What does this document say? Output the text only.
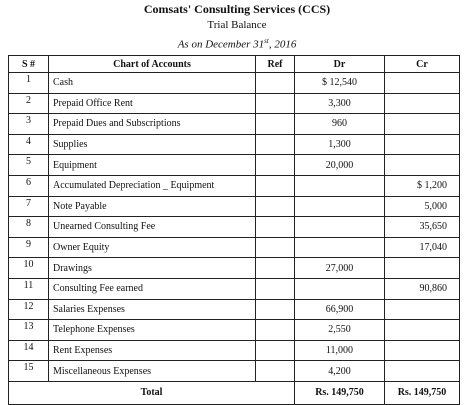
Comsats' Consulting Services (CCS)
Trial Balance
As on December 31st, 2016
S #	Chart of Accounts	Ref	Dr	Cr
1	Cash		$ 12,540	
2	Prepaid Office Rent		3,300	
3	Prepaid Dues and Subscriptions		960	
4	Supplies		1,300	
5	Equipment		20,000	
6	Accumulated Depreciation _ Equipment			$ 1,200
7	Note Payable			5,000
8	Unearned Consulting Fee			35,650
9	Owner Equity			17,040
10	Drawings		27,000	
11	Consulting Fee earned			90,860
12	Salaries Expenses		66,900	
13	Telephone Expenses		2,550	
14	Rent Expenses		11,000	
15	Miscellaneous Expenses		4,200	
Total			Rs. 149,750	Rs. 149,750
